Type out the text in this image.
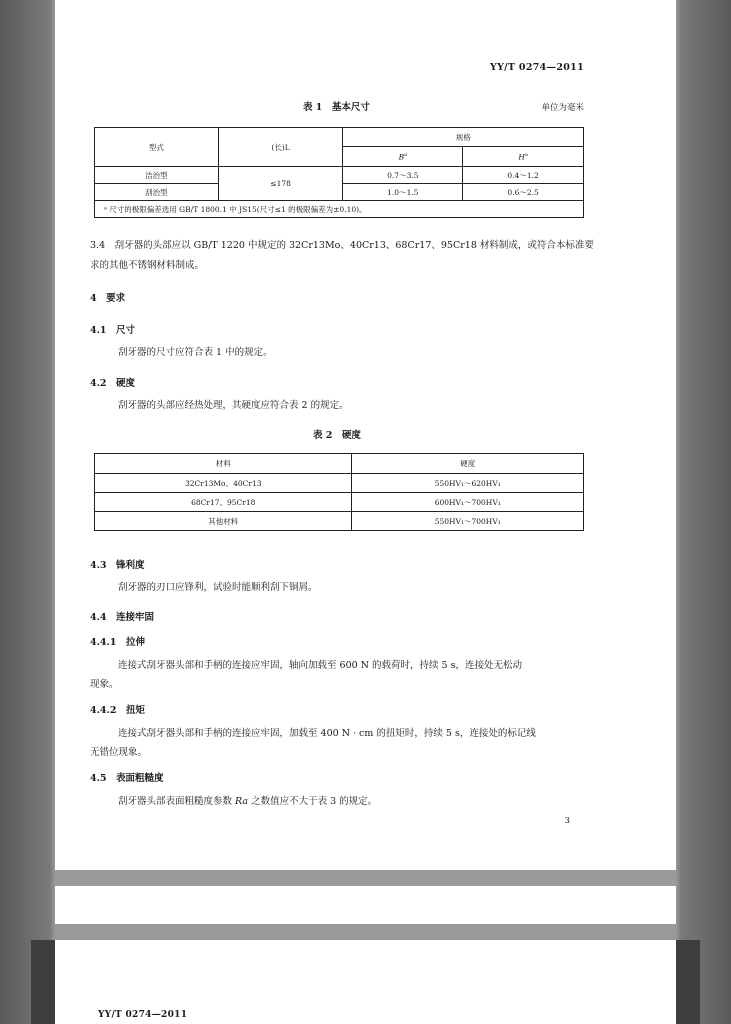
YY/T 0274—2011
表 1　基本尺寸	单位为毫米
型式	(长)L	规格	
		$B^a$	$H^a$
洁治型	≤178	0.7～3.5	0.4～1.2
刮治型		1.0～1.5	0.6～2.5
ᵃ 尺寸的极限偏差选用 GB/T 1800.1 中 JS15(尺寸≤1 的极限偏差为±0.10)。			
3.4　刮牙器的头部应以 GB/T 1220 中规定的 32Cr13Mo、40Cr13、68Cr17、95Cr18 材料制成，或符合本标准要求的其他不锈钢材料制成。
4　要求
4.1　尺寸
刮牙器的尺寸应符合表 1 中的规定。
4.2　硬度
刮牙器的头部应经热处理，其硬度应符合表 2 的规定。
表 2　硬度
材料	硬度
32Cr13Mo、40Cr13	550HV₁～620HV₁
68Cr17、95Cr18	600HV₁～700HV₁
其他材料	550HV₁～700HV₁
4.3　锋利度
刮牙器的刃口应锋利，试验时能顺利刮下铜屑。
4.4　连接牢固
4.4.1　拉伸
连接式刮牙器头部和手柄的连接应牢固，轴向加载至 600 N 的载荷时，持续 5 s，连接处无松动
现象。
4.4.2　扭矩
连接式刮牙器头部和手柄的连接应牢固，加载至 400 N · cm 的扭矩时，持续 5 s，连接处的标记线
无错位现象。
4.5　表面粗糙度
刮牙器头部表面粗糙度参数 Ra 之数值应不大于表 3 的规定。
3
YY/T 0274—2011
